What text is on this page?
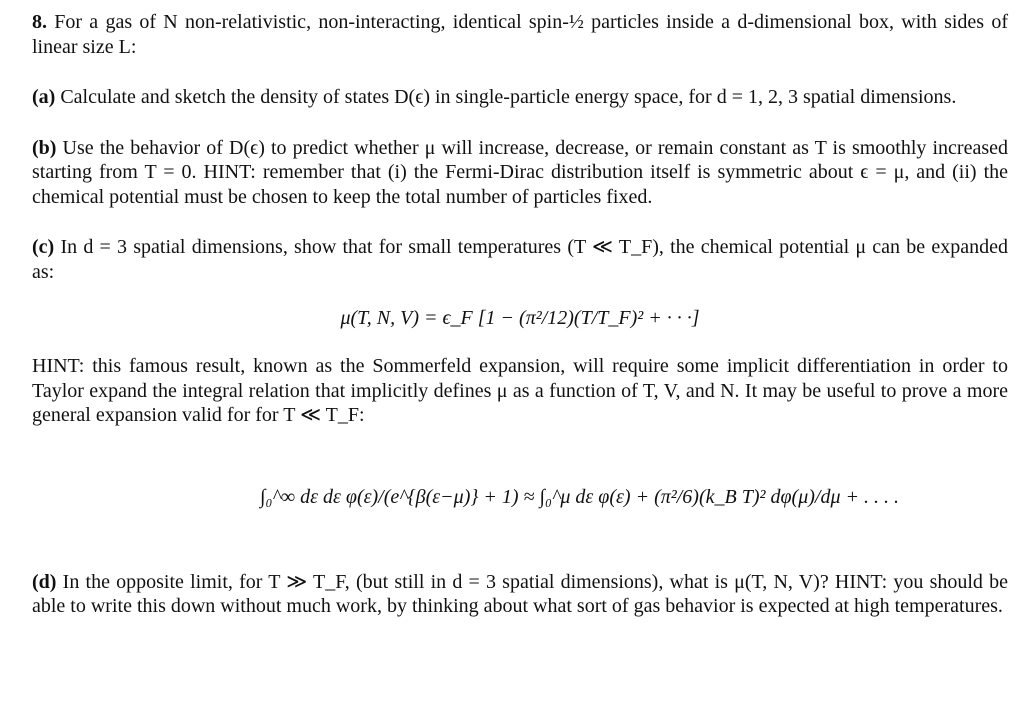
8. For a gas of N non-relativistic, non-interacting, identical spin-½ particles inside a d-dimensional box, with sides of linear size L:

(a) Calculate and sketch the density of states D(ϵ) in single-particle energy space, for d = 1, 2, 3 spatial dimensions.

(b) Use the behavior of D(ϵ) to predict whether μ will increase, decrease, or remain constant as T is smoothly increased starting from T = 0. HINT: remember that (i) the Fermi-Dirac distribution itself is symmetric about ϵ = μ, and (ii) the chemical potential must be chosen to keep the total number of particles fixed.

(c) In d = 3 spatial dimensions, show that for small temperatures (T ≪ T_F), the chemical potential μ can be expanded as:

μ(T, N, V) = ϵ_F [1 − (π²/12)(T/T_F)² + · · ·]

HINT: this famous result, known as the Sommerfeld expansion, will require some implicit differentiation in order to Taylor expand the integral relation that implicitly defines μ as a function of T, V, and N. It may be useful to prove a more general expansion valid for for T ≪ T_F:

∫₀^∞ dε dε φ(ε)/(e^{β(ε−μ)} + 1) ≈ ∫₀^μ dε φ(ε) + (π²/6)(k_B T)² dφ(μ)/dμ + . . . .

(d) In the opposite limit, for T ≫ T_F, (but still in d = 3 spatial dimensions), what is μ(T, N, V)? HINT: you should be able to write this down without much work, by thinking about what sort of gas behavior is expected at high temperatures.
